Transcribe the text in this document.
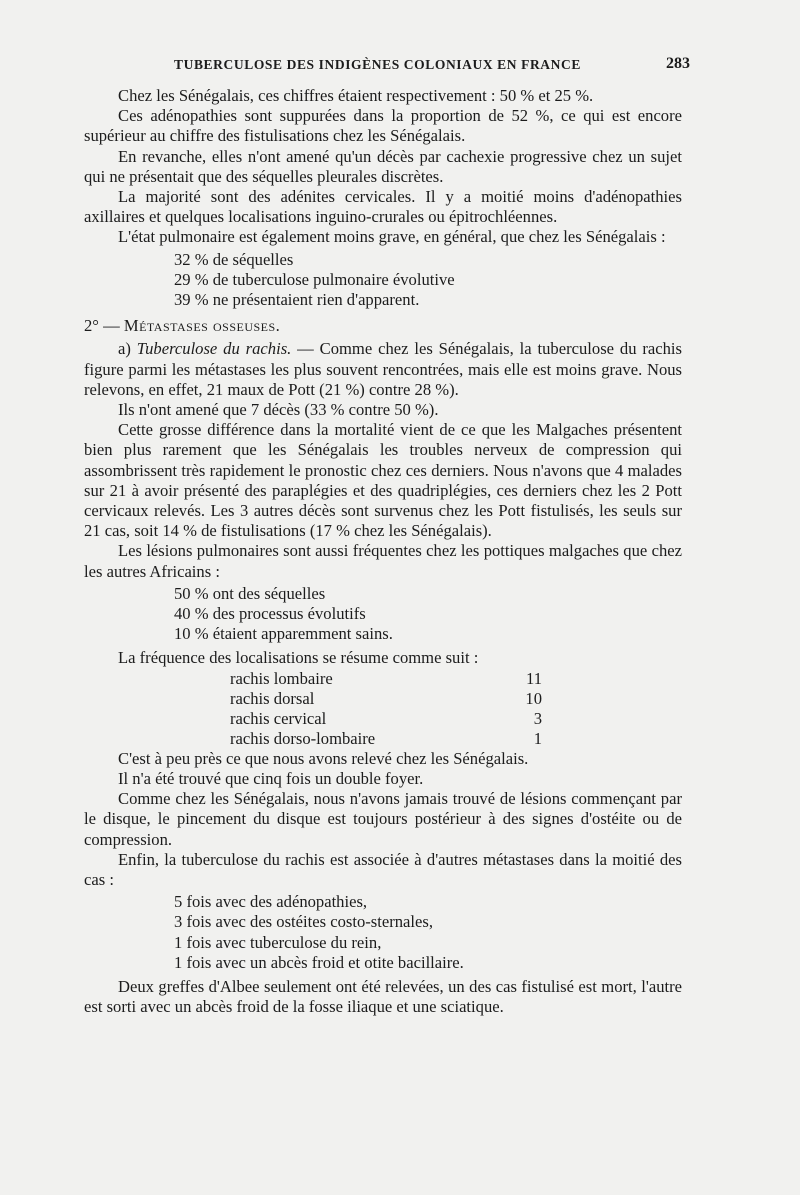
TUBERCULOSE DES INDIGÈNES COLONIAUX EN FRANCE	283

Chez les Sénégalais, ces chiffres étaient respectivement : 50 % et 25 %.

Ces adénopathies sont suppurées dans la proportion de 52 %, ce qui est encore supérieur au chiffre des fistulisations chez les Sénégalais.

En revanche, elles n'ont amené qu'un décès par cachexie progressive chez un sujet qui ne présentait que des séquelles pleurales discrètes.

La majorité sont des adénites cervicales. Il y a moitié moins d'adénopathies axillaires et quelques localisations inguino-crurales ou épitrochléennes.

L'état pulmonaire est également moins grave, en général, que chez les Sénégalais :

32 % de séquelles
29 % de tuberculose pulmonaire évolutive
39 % ne présentaient rien d'apparent.

2° — Métastases osseuses.

a) Tuberculose du rachis. — Comme chez les Sénégalais, la tuberculose du rachis figure parmi les métastases les plus souvent rencontrées, mais elle est moins grave. Nous relevons, en effet, 21 maux de Pott (21 %) contre 28 %).

Ils n'ont amené que 7 décès (33 % contre 50 %).

Cette grosse différence dans la mortalité vient de ce que les Malgaches présentent bien plus rarement que les Sénégalais les troubles nerveux de compression qui assombrissent très rapidement le pronostic chez ces derniers. Nous n'avons que 4 malades sur 21 à avoir présenté des paraplégies et des quadriplégies, ces derniers chez les 2 Pott cervicaux relevés. Les 3 autres décès sont survenus chez les Pott fistulisés, les seuls sur 21 cas, soit 14 % de fistulisations (17 % chez les Sénégalais).

Les lésions pulmonaires sont aussi fréquentes chez les pottiques malgaches que chez les autres Africains :

50 % ont des séquelles
40 % des processus évolutifs
10 % étaient apparemment sains.

La fréquence des localisations se résume comme suit :

rachis lombaire	11
rachis dorsal	10
rachis cervical	3
rachis dorso-lombaire	1

C'est à peu près ce que nous avons relevé chez les Sénégalais.

Il n'a été trouvé que cinq fois un double foyer.

Comme chez les Sénégalais, nous n'avons jamais trouvé de lésions commençant par le disque, le pincement du disque est toujours postérieur à des signes d'ostéite ou de compression.

Enfin, la tuberculose du rachis est associée à d'autres métastases dans la moitié des cas :

5 fois avec des adénopathies,
3 fois avec des ostéites costo-sternales,
1 fois avec tuberculose du rein,
1 fois avec un abcès froid et otite bacillaire.

Deux greffes d'Albee seulement ont été relevées, un des cas fistulisé est mort, l'autre est sorti avec un abcès froid de la fosse iliaque et une sciatique.
